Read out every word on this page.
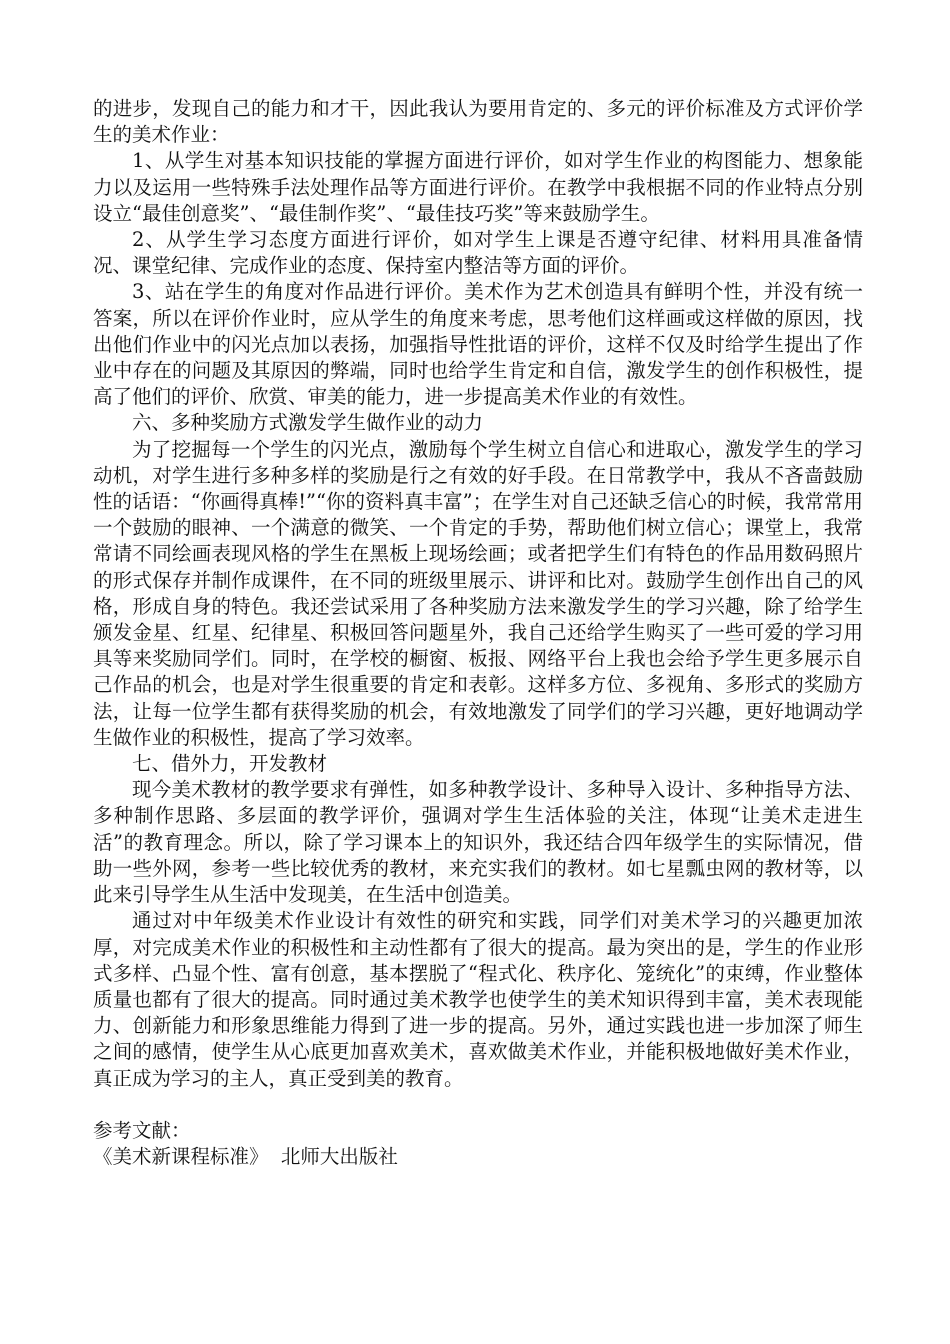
的进步，发现自己的能力和才干，因此我认为要用肯定的、多元的评价标准及方式评价学生的美术作业：

1、从学生对基本知识技能的掌握方面进行评价，如对学生作业的构图能力、想象能力以及运用一些特殊手法处理作品等方面进行评价。在教学中我根据不同的作业特点分别设立“最佳创意奖”、“最佳制作奖”、“最佳技巧奖”等来鼓励学生。

2、从学生学习态度方面进行评价，如对学生上课是否遵守纪律、材料用具准备情况、课堂纪律、完成作业的态度、保持室内整洁等方面的评价。

3、站在学生的角度对作品进行评价。美术作为艺术创造具有鲜明个性，并没有统一答案，所以在评价作业时，应从学生的角度来考虑，思考他们这样画或这样做的原因，找出他们作业中的闪光点加以表扬，加强指导性批语的评价，这样不仅及时给学生提出了作业中存在的问题及其原因的弊端，同时也给学生肯定和自信，激发学生的创作积极性，提高了他们的评价、欣赏、审美的能力，进一步提高美术作业的有效性。

六、多种奖励方式激发学生做作业的动力

为了挖掘每一个学生的闪光点，激励每个学生树立自信心和进取心，激发学生的学习动机，对学生进行多种多样的奖励是行之有效的好手段。在日常教学中，我从不吝啬鼓励性的话语：“你画得真棒!”“你的资料真丰富”；在学生对自己还缺乏信心的时候，我常常用一个鼓励的眼神、一个满意的微笑、一个肯定的手势，帮助他们树立信心；课堂上，我常常请不同绘画表现风格的学生在黑板上现场绘画；或者把学生们有特色的作品用数码照片的形式保存并制作成课件，在不同的班级里展示、讲评和比对。鼓励学生创作出自己的风格，形成自身的特色。我还尝试采用了各种奖励方法来激发学生的学习兴趣，除了给学生颁发金星、红星、纪律星、积极回答问题星外，我自己还给学生购买了一些可爱的学习用具等来奖励同学们。同时，在学校的橱窗、板报、网络平台上我也会给予学生更多展示自己作品的机会，也是对学生很重要的肯定和表彰。这样多方位、多视角、多形式的奖励方法，让每一位学生都有获得奖励的机会，有效地激发了同学们的学习兴趣，更好地调动学生做作业的积极性，提高了学习效率。

七、借外力，开发教材

现今美术教材的教学要求有弹性，如多种教学设计、多种导入设计、多种指导方法、多种制作思路、多层面的教学评价，强调对学生生活体验的关注，体现“让美术走进生活”的教育理念。所以，除了学习课本上的知识外，我还结合四年级学生的实际情况，借助一些外网，参考一些比较优秀的教材，来充实我们的教材。如七星瓢虫网的教材等，以此来引导学生从生活中发现美，在生活中创造美。

通过对中年级美术作业设计有效性的研究和实践，同学们对美术学习的兴趣更加浓厚，对完成美术作业的积极性和主动性都有了很大的提高。最为突出的是，学生的作业形式多样、凸显个性、富有创意，基本摆脱了“程式化、秩序化、笼统化”的束缚，作业整体质量也都有了很大的提高。同时通过美术教学也使学生的美术知识得到丰富，美术表现能力、创新能力和形象思维能力得到了进一步的提高。另外，通过实践也进一步加深了师生之间的感情，使学生从心底更加喜欢美术，喜欢做美术作业，并能积极地做好美术作业，真正成为学习的主人，真正受到美的教育。

参考文献：

《美术新课程标准》  北师大出版社
